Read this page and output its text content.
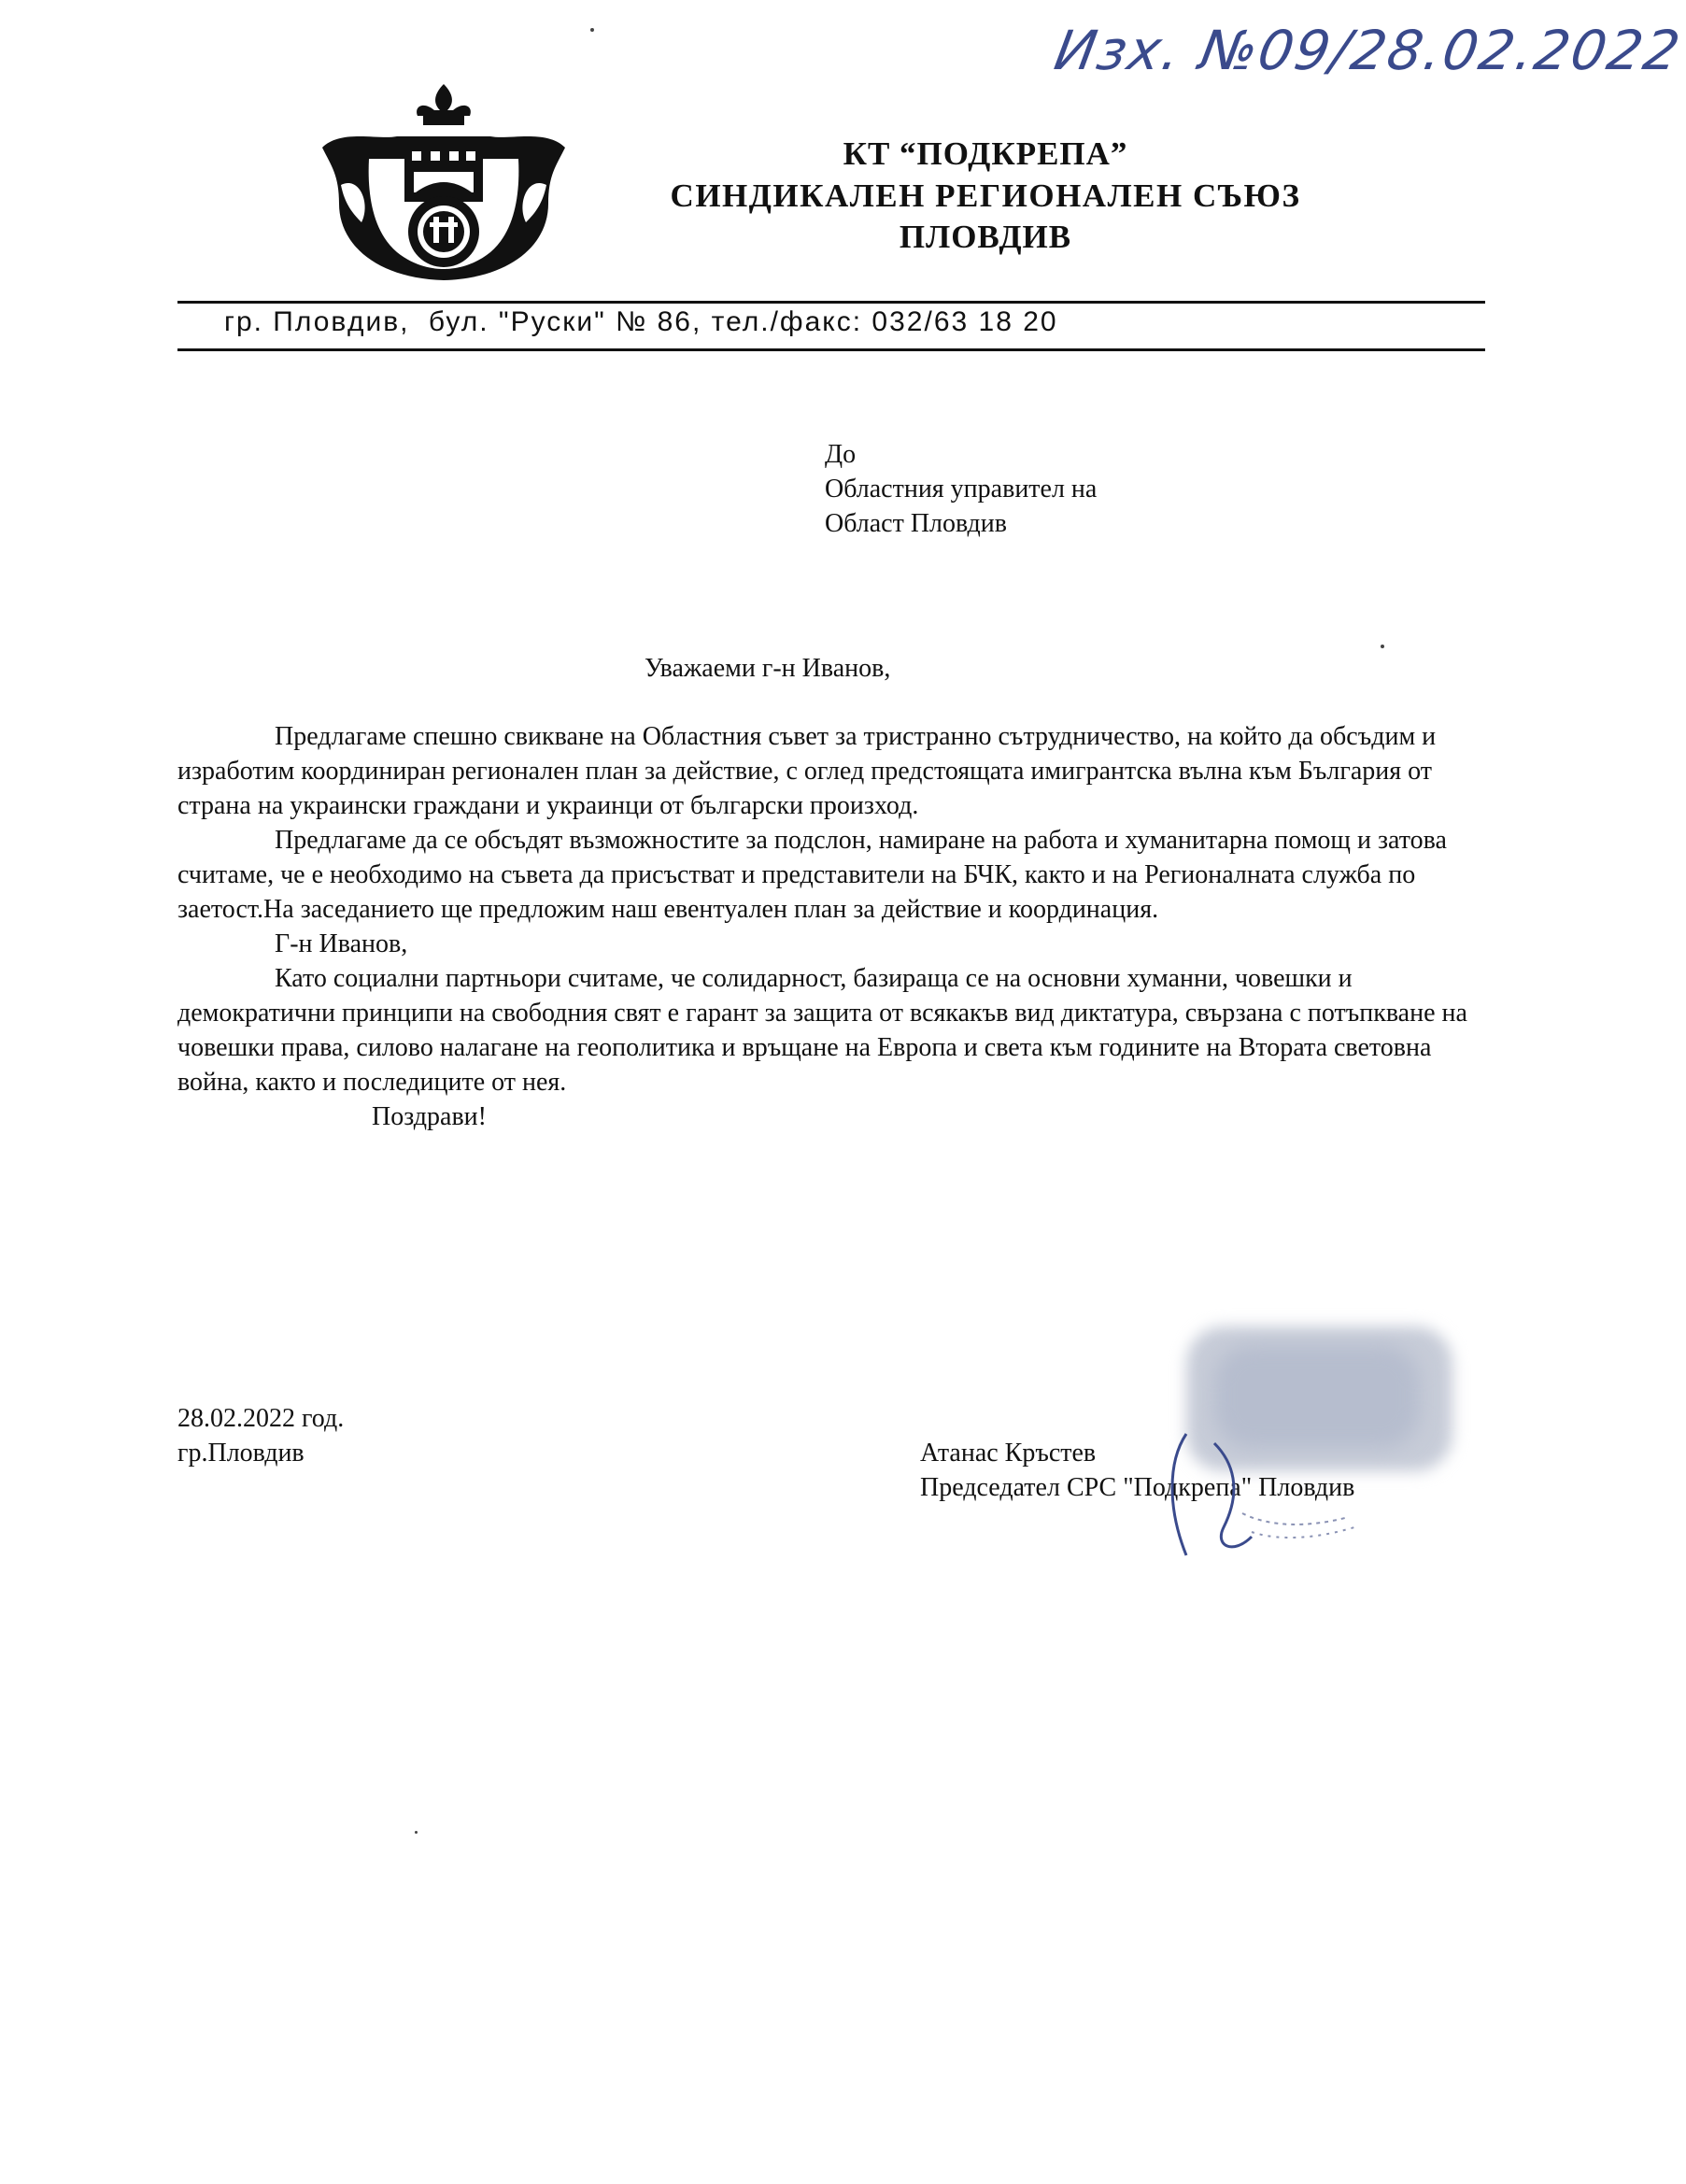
Изх. №09/28.02.2022
КТ “ПОДКРЕПА”
СИНДИКАЛЕН РЕГИОНАЛЕН СЪЮЗ
ПЛОВДИВ
гр. Пловдив, бул. "Руски" № 86, тел./факс: 032/63 18 20
До
Областния управител на
Област Пловдив
Уважаеми г-н Иванов,

Предлагаме спешно свикване на Областния съвет за тристранно сътрудничество, на който да обсъдим и изработим координиран регионален план за действие, с оглед предстоящата имигрантска вълна към България от страна на украински граждани и украинци от български произход.

Предлагаме да се обсъдят възможностите за подслон, намиране на работа и хуманитарна помощ и затова считаме, че е необходимо на съвета да присъстват и представители на БЧК, както и на Регионалната служба по заетост.На заседанието ще предложим наш евентуален план за действие и координация.

Г-н Иванов,

Като социални партньори считаме, че солидарност, базираща се на основни хуманни, човешки и демократични принципи на свободния свят е гарант за защита от всякакъв вид диктатура, свързана с потъпкване на човешки права, силово налагане на геополитика и връщане на Европа и света към годините на Втората световна война, както и последиците от нея.

Поздрави!

28.02.2022 год.
гр.Пловдив	Атанас Кръстев
Председател СРС "Подкрепа" Пловдив
